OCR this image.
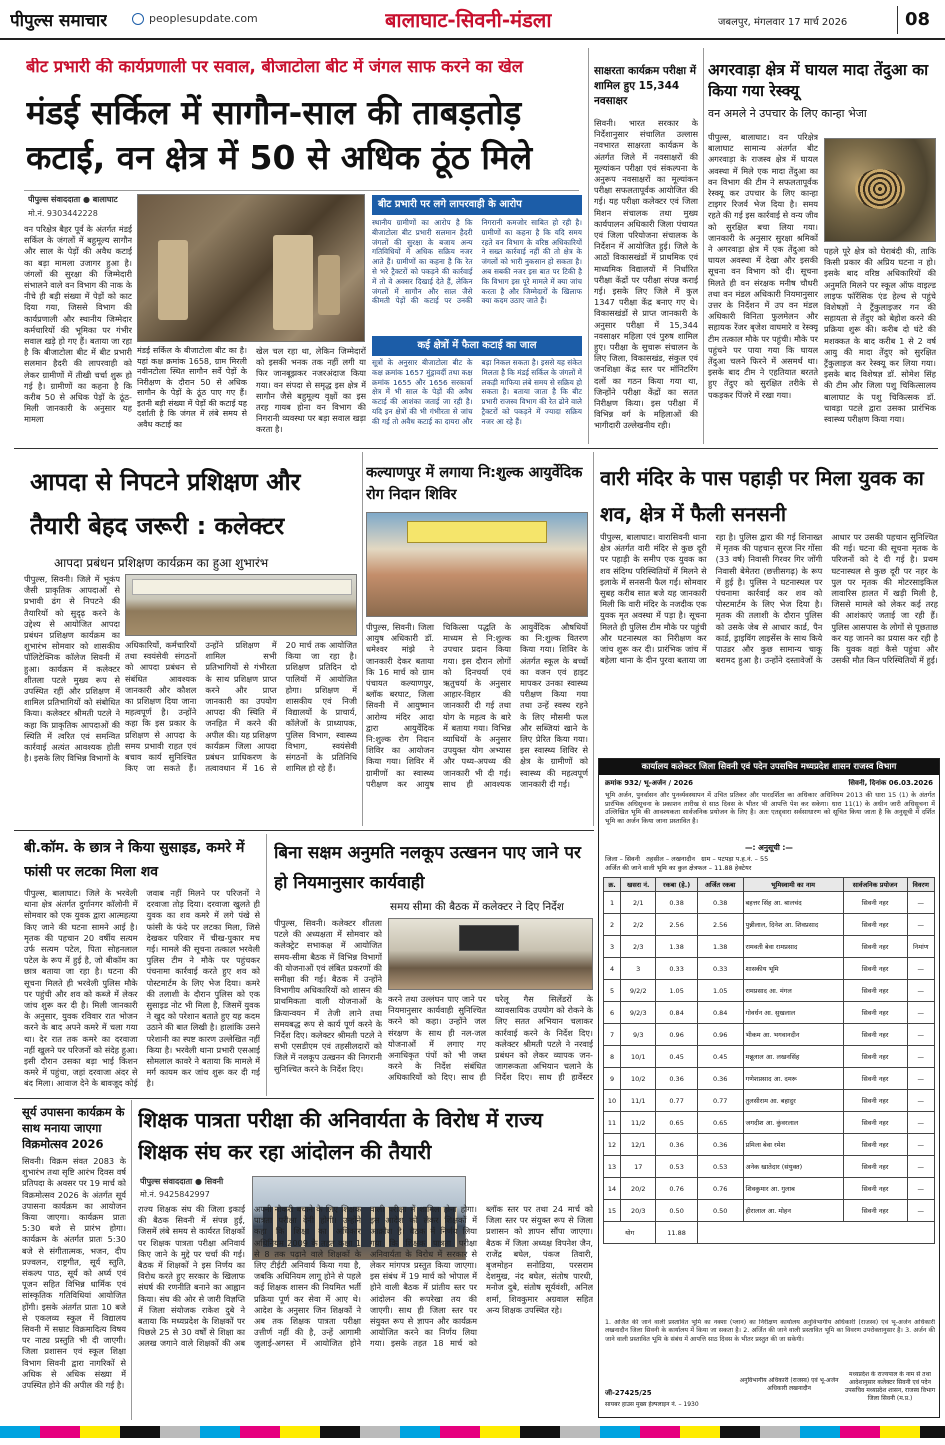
पीपुल्स समाचार	peoplesupdate.com	बालाघाट-सिवनी-मंडला	जबलपुर, मंगलवार 17 मार्च 2026	08
बीट प्रभारी की कार्यप्रणाली पर सवाल, बीजाटोला बीट में जंगल साफ करने का खेल
मंडई सर्किल में सागौन-साल की ताबड़तोड़ कटाई, वन क्षेत्र में 50 से अधिक ठूंठ मिले
पीपुल्स संवाददाता ● बालाघाट
मो.नं. 9303442228
वन परिक्षेत्र बैहर पूर्व के अंतर्गत मंडई सर्किल के जंगलों में बहुमूल्य सागौन और साल के पेड़ों की अवैध कटाई का बड़ा मामला उजागर हुआ है। जंगलों की सुरक्षा की जिम्मेदारी संभालने वाले वन विभाग की नाक के नीचे ही बड़ी संख्या में पेड़ों को काट दिया गया, जिससे विभाग की कार्यप्रणाली और स्थानीय जिम्मेदार कर्मचारियों की भूमिका पर गंभीर सवाल खड़े हो गए हैं। बताया जा रहा है कि बीजाटोला बीट में बीट प्रभारी सलमान हैदरी की लापरवाही को लेकर ग्रामीणों में तीखी चर्चा शुरू हो गई है। ग्रामीणों का कहना है कि करीब 50 से अधिक पेड़ों के ठूंठ- मिली जानकारी के अनुसार यह मामला
मंडई सर्किल के बीजाटोला बीट का है। यहां कक्ष क्रमांक 1658, ग्राम मिरली नवीनटोला स्थित सागौन सर्वे पेड़ों के निरीक्षण के दौरान 50 से अधिक सागौन के पेड़ों के ठूंठ पाए गए हैं। इतनी बड़ी संख्या में पेड़ों की कटाई यह दर्शाती है कि जंगल में लंबे समय से अवैध कटाई का
खेल चल रहा था, लेकिन जिम्मेदारों को इसकी भनक तक नहीं लगी या फिर जानबूझकर नजरअंदाज किया गया। वन संपदा से समृद्ध इस क्षेत्र में सागौन जैसे बहुमूल्य वृक्षों का इस तरह गायब होना वन विभाग की निगरानी व्यवस्था पर बड़ा सवाल खड़ा करता है।
बीट प्रभारी पर लगे लापरवाही के आरोप
स्थानीय ग्रामीणों का आरोप है कि बीजाटोला बीट प्रभारी सलमान हैदरी जंगलों की सुरक्षा के बजाय अन्य गतिविधियों में अधिक सक्रिय नजर आते हैं। ग्रामीणों का कहना है कि रेत से भरे ट्रैक्टरों को पकड़ने की कार्रवाई में तो वे अक्सर दिखाई देते हैं, लेकिन जंगलों में सागौन और साल जैसे कीमती पेड़ों की कटाई पर उनकी निगरानी कमजोर साबित हो रही है। ग्रामीणों का कहना है कि यदि समय रहते वन विभाग के वरिष्ठ अधिकारियों ने सख्त कार्रवाई नहीं की तो क्षेत्र के जंगलों को भारी नुकसान हो सकता है। अब सबकी नजर इस बात पर टिकी है कि विभाग इस पूरे मामले में क्या जांच करता है और जिम्मेदारों के खिलाफ क्या कदम उठाए जाते हैं।
कई क्षेत्रों में फैला कटाई का जाल
सूत्रों के अनुसार बीजाटोला बीट के कक्ष क्रमांक 1657 मुंड्रावर्दी तथा कक्ष क्रमांक 1655 और 1656 सरकार्वा क्षेत्र में भी साल के पेड़ों की अवैध कटाई की आशंका जताई जा रही है। यदि इन क्षेत्रों की भी गंभीरता से जांच की गई तो अवैध कटाई का दायरा और बड़ा निकल सकता है। इससे यह संकेत मिलता है कि मंडई सर्किल के जंगलों में लकड़ी माफिया लंबे समय से सक्रिय हो सकता है। बताया जाता है कि बीट प्रभारी राजस्व विभाग की रेत ढोने वाले ट्रैक्टरों को पकड़ने में ज्यादा सक्रिय नजर आ रहे हैं।
साक्षरता कार्यक्रम परीक्षा में शामिल हुए 15,344 नवसाक्षर
सिवनी। भारत सरकार के निर्देशानुसार संचालित उल्लास नवभारत साक्षरता कार्यक्रम के अंतर्गत जिले में नवसाक्षरों की मूल्यांकन परीक्षा एवं संकल्पना के अनुरूप नवसाक्षरों का मूल्यांकन परीक्षा सफलतापूर्वक आयोजित की गई। यह परीक्षा कलेक्टर एवं जिला मिशन संचालक तथा मुख्य कार्यपालन अधिकारी जिला पंचायत एवं जिला परियोजना संचालक के निर्देशन में आयोजित हुई। जिले के आठों विकासखंडों में प्राथमिक एवं माध्यमिक विद्यालयों में निर्धारित परीक्षा केंद्रों पर परीक्षा संपन्न कराई गई। इसके लिए जिले में कुल 1347 परीक्षा केंद्र बनाए गए थे। विकासखंडों से प्राप्त जानकारी के अनुसार परीक्षा में 15,344 नवसाक्षर महिला एवं पुरुष शामिल हुए। परीक्षा के सुचारू संचालन के लिए जिला, विकासखंड, संकुल एवं जनशिक्षा केंद्र स्तर पर मॉनिटरिंग दलों का गठन किया गया था, जिन्होंने परीक्षा केंद्रों का सतत निरीक्षण किया। इस परीक्षा में विभिन्न वर्ग के महिलाओं की भागीदारी उल्लेखनीय रही।
अगरवाड़ा क्षेत्र में घायल मादा तेंदुआ का किया गया रेस्क्यू
वन अमले ने उपचार के लिए कान्हा भेजा
पीपुल्स, बालाघाट। वन परिक्षेत्र बालाघाट सामान्य अंतर्गत बीट अगरवाड़ा के राजस्व क्षेत्र में घायल अवस्था में मिले एक मादा तेंदुआ का वन विभाग की टीम ने सफलतापूर्वक रेस्क्यू कर उपचार के लिए कान्हा टाइगर रिजर्व भेज दिया है। समय रहते की गई इस कार्रवाई से वन्य जीव को सुरक्षित बचा लिया गया। जानकारी के अनुसार सुरक्षा श्रमिकों ने अगरवाड़ा क्षेत्र में एक तेंदुआ को घायल अवस्था में देखा और इसकी सूचना वन विभाग को दी। सूचना मिलते ही वन संरक्षक मनीष चौधरी तथा वन मंडल अधिकारी नियमानुसार उत्तर के निर्देशन में उप वन मंडल अधिकारी विनिता फुलमेलन और सहायक रेंजर बृजेश वाघमारे व रेस्क्यू टीम तत्काल मौके पर पहुंची। मौके पर पहुंचने पर पाया गया कि घायल तेंदुआ चलने फिरने में असमर्थ था। इसके बाद टीम ने एहतियात बरतते हुए तेंदुए को सुरक्षित तरीके से पकड़कर पिंजरे में रखा गया।
पहले पूरे क्षेत्र को घेराबंदी की, ताकि किसी प्रकार की अप्रिय घटना न हो। इसके बाद वरिष्ठ अधिकारियों की अनुमति मिलने पर स्कूल ऑफ वाइल्ड लाइफ फॉरेंसिक एंड हेल्थ से पहुंचे विशेषज्ञों ने ट्रैंकुलाइजर गन की सहायता से तेंदुए को बेहोश करने की प्रक्रिया शुरू की। करीब दो घंटे की मशक्कत के बाद करीब 1 से 2 वर्ष आयु की मादा तेंदुए को सुरक्षित ट्रैंकुलाइज कर रेस्क्यू कर लिया गया। इसके बाद विशेषज्ञ डॉ. सोमेश सिंह की टीम और जिला पशु चिकित्सालय बालाघाट के पशु चिकित्सक डॉ. चावड़ा पटले द्वारा उसका प्रारंभिक स्वास्थ्य परीक्षण किया गया।
आपदा से निपटने प्रशिक्षण और तैयारी बेहद जरूरी : कलेक्टर
आपदा प्रबंधन प्रशिक्षण कार्यक्रम का हुआ शुभारंभ
पीपुल्स, सिवनी। जिले में भूकंप जैसी प्राकृतिक आपदाओं से प्रभावी ढंग से निपटने की तैयारियों को सुदृढ़ करने के उद्देश्य से आयोजित आपदा प्रबंधन प्रशिक्षण कार्यक्रम का शुभारंभ सोमवार को शासकीय पॉलिटेक्निक कॉलेज सिवनी में हुआ। कार्यक्रम में कलेक्टर शीतला पटले मुख्य रूप से उपस्थित रहीं और प्रशिक्षण में शामिल प्रतिभागियों को संबोधित किया। कलेक्टर श्रीमती पटले ने कहा कि प्राकृतिक आपदाओं की स्थिति में त्वरित एवं समन्वित कार्रवाई अत्यंत आवश्यक होती है। इसके लिए विभिन्न विभागों के
अधिकारियों, कर्मचारियों तथा स्वयंसेवी संगठनों को आपदा प्रबंधन से संबंधित आवश्यक जानकारी और कौशल का प्रशिक्षण दिया जाना महत्वपूर्ण है। उन्होंने कहा कि इस प्रकार के प्रशिक्षण से आपदा के समय प्रभावी राहत एवं बचाव कार्य सुनिश्चित किए जा सकते हैं। उन्होंने प्रशिक्षण में शामिल सभी प्रतिभागियों से गंभीरता के साथ प्रशिक्षण प्राप्त करने और प्राप्त जानकारी का उपयोग आपदा की स्थिति में जनहित में करने की अपील की। यह प्रशिक्षण कार्यक्रम जिला आपदा प्रबंधन प्राधिकरण के तत्वावधान में 16 से 20 मार्च तक आयोजित किया जा रहा है। प्रशिक्षण प्रतिदिन दो पालियों में आयोजित होगा। प्रशिक्षण में शासकीय एवं निजी विद्यालयों के प्राचार्य, कॉलेजों के प्राध्यापक, पुलिस विभाग, स्वास्थ्य विभाग, स्वयंसेवी संगठनों के प्रतिनिधि शामिल हो रहे हैं।
कल्याणपुर में लगाया नि:शुल्क आयुर्वेदिक रोग निदान शिविर
पीपुल्स, सिवनी। जिला आयुष अधिकारी डॉ. धमेश्वर मांझे ने जानकारी देकर बताया कि 16 मार्च को ग्राम पंचायत कल्याणपुर, ब्लॉक बरघाट, जिला सिवनी में आयुष्मान आरोग्य मंदिर आदा द्वारा आयुर्वेदिक नि:शुल्क रोग निदान शिविर का आयोजन किया गया। शिविर में ग्रामीणों का स्वास्थ्य परीक्षण कर आयुष चिकित्सा पद्धति के माध्यम से नि:शुल्क उपचार प्रदान किया गया। इस दौरान लोगों को दिनचर्या एवं ऋतुचर्या के अनुसार आहार-विहार की जानकारी दी गई तथा योग के महत्व के बारे में बताया गया। विभिन्न व्याधियों के अनुसार उपयुक्त योग अभ्यास और पथ्य-अपथ्य की जानकारी भी दी गई। साथ ही आवश्यक आयुर्वेदिक औषधियों का नि:शुल्क वितरण किया गया। शिविर के अंतर्गत स्कूल के बच्चों का वजन एवं हाइट मापकर उनका स्वास्थ्य परीक्षण किया गया तथा उन्हें स्वस्थ रहने के लिए मौसमी फल और सब्जियां खाने के लिए प्रेरित किया गया। इस स्वास्थ्य शिविर से क्षेत्र के ग्रामीणों को स्वास्थ्य की महत्वपूर्ण जानकारी दी गई।
वारी मंदिर के पास पहाड़ी पर मिला युवक का शव, क्षेत्र में फैली सनसनी
पीपुल्स, बालाघाट। वारासिवनी थाना क्षेत्र अंतर्गत वारी मंदिर से कुछ दूरी पर पहाड़ी के समीप एक युवक का शव संदिग्ध परिस्थितियों में मिलने से इलाके में सनसनी फैल गई। सोमवार सुबह करीब सात बजे यह जानकारी मिली कि वारी मंदिर के नजदीक एक युवक मृत अवस्था में पड़ा है। सूचना मिलते ही पुलिस टीम मौके पर पहुंची और घटनास्थल का निरीक्षण कर जांच शुरू कर दी। प्रारंभिक जांच में बहेला थाना के दीन पुरवा बताया जा रहा है। पुलिस द्वारा की गई शिनाख्त में मृतक की पहचान सुरज निर गोंसा (33 वर्ष) निवासी गिरवर गिर जोंगी निवासी बेमेतरा (छत्तीसगढ़) के रूप में हुई है। पुलिस ने घटनास्थल पर पंचनामा कार्रवाई कर शव को पोस्टमार्टम के लिए भेज दिया है। मृतक की तलाशी के दौरान पुलिस को उसके जेब से आधार कार्ड, पैन कार्ड, ड्राइविंग लाइसेंस के साथ किये पाउडर और कुछ सामान्य चाकू बरामद हुआ है। उन्होंने दस्तावेजों के आधार पर उसकी पहचान सुनिश्चित की गई। घटना की सूचना मृतक के परिजनों को दे दी गई है। प्रथम घटनास्थल से कुछ दूरी पर नहर के पुल पर मृतक की मोटरसाइकिल लावारिस हालत में खड़ी मिली है, जिससे मामले को लेकर कई तरह की आशंकाएं जताई जा रही हैं। पुलिस आसपास के लोगों से पूछताछ कर यह जानने का प्रयास कर रही है कि युवक वहां कैसे पहुंचा और उसकी मौत किन परिस्थितियों में हुई।
कार्यालय कलेक्टर जिला सिवनी एवं पदेन उपसचिव मध्यप्रदेश शासन राजस्व विभाग
क्रमांक 932/ भू-अर्जन / 2026	सिवनी, दिनांक 06.03.2026
भूमि अर्जन, पुनर्वासन और पुनर्व्यवस्थापन में उचित प्रतिकर और पारदर्शिता का अधिकार अधिनियम 2013 की धारा 15 (1) के अंतर्गत प्रारंभिक अधिसूचना के प्रकाशन तारीख से साठ दिवस के भीतर भी आपत्ति पेश कर सकेगा। धारा 11(1) के अधीन जारी अधिसूचना में उल्लिखित भूमि की आवश्यकता सार्वजनिक प्रयोजन के लिए है। अतः एतद्द्वारा सर्वसाधारण को सूचित किया जाता है कि अनुसूची में दर्शित भूमि का अर्जन किया जाना प्रस्तावित है।
—: अनुसूची :—
जिला – सिवनी तहसील – लखनादौन ग्राम – पटपड़ा प.ह.नं. – 55
अर्जित की जाने वाली भूमि का कुल क्षेत्रफल – 11.88 हेक्टेयर
क्र.	खसरा नं.	रकबा (हे.)	अर्जित रकबा	भूमिस्वामी का नाम	सार्वजनिक प्रयोजन	विवरण
1	2/1	0.38	0.38	बहत्तर सिंह आ. बालचंद	सिवनी नहर	—
2	2/2	2.56	2.56	पुन्नीलाल, दिनेश आ. शिवप्रसाद	सिवनी नहर	—
3	2/3	1.38	1.38	रामवती बेवा रामप्रसाद	सिवनी नहर	निमांण
4	3	0.33	0.33	शासकीय भूमि	सिवनी नहर	—
5	9/2/2	1.05	1.05	रामप्रसाद आ. मंगल	सिवनी नहर	—
6	9/2/3	0.84	0.84	गोवर्धन आ. सुखलाल	सिवनी नहर	—
7	9/3	0.96	0.96	भीकम आ. भगवानदीन	सिवनी नहर	—
8	10/1	0.45	0.45	मन्नूलाल आ. लखनसिंह	सिवनी नहर	—
9	10/2	0.36	0.36	गणेशप्रसाद आ. दमरू	सिवनी नहर	—
10	11/1	0.77	0.77	तुलसीराम आ. बहादुर	सिवनी नहर	—
11	11/2	0.65	0.65	जगदीश आ. कुंवरलाल	सिवनी नहर	—
12	12/1	0.36	0.36	प्रमिला बेवा रमेश	सिवनी नहर	—
13	17	0.53	0.53	अनेक खातेदार (संयुक्त)	सिवनी नहर	—
14	20/2	0.76	0.76	शिवकुमार आ. गुलाब	सिवनी नहर	—
15	20/3	0.50	0.50	हीरालाल आ. मोहन	सिवनी नहर	—
योग		11.88				
1. अर्जित की जाने वाली प्रस्तावित भूमि का नक्शा (प्लान) का निरीक्षण कार्यालय अनुविभागीय अधिकारी (राजस्व) एवं भू-अर्जन अधिकारी लखनादौन जिला सिवनी के कार्यालय में किया जा सकता है। 2. अर्जित की जाने वाली प्रस्तावित भूमि का विवरण उपरोक्तानुसार है। 3. अर्जन की जाने वाली प्रस्तावित भूमि के संबंध में आपत्ति साठ दिवस के भीतर प्रस्तुत की जा सकेगी।
अनुविभागीय अधिकारी (राजस्व) एवं भू-अर्जन अधिकारी लखनादौन
मध्यप्रदेश के राज्यपाल के नाम से तथा आदेशानुसार कलेक्टर सिवनी एवं पदेन उपसचिव मध्यप्रदेश शासन, राजस्व विभाग जिला सिवनी (म.प्र.)
जी-27425/25
सायबर हाउस मुख्य हेल्पलाइन नं. – 1930
बी.कॉम. के छात्र ने किया सुसाइड, कमरे में फांसी पर लटका मिला शव
पीपुल्स, बालाघाट। जिले के भरवेली थाना क्षेत्र अंतर्गत दुर्गानगर कॉलोनी में सोमवार को एक युवक द्वारा आत्महत्या किए जाने की घटना सामने आई है। मृतक की पहचान 20 वर्षीय सत्यम उर्फ सत्यम पटेल, पिता सोहनलाल पटेल के रूप में हुई है, जो बीकॉम का छात्र बताया जा रहा है। घटना की सूचना मिलते ही भरवेली पुलिस मौके पर पहुंची और शव को कब्जे में लेकर जांच शुरू कर दी है। मिली जानकारी के अनुसार, युवक रविवार रात भोजन करने के बाद अपने कमरे में चला गया था। देर रात तक कमरे का दरवाजा नहीं खुलने पर परिजनों को संदेह हुआ। इसी दौरान उसका बड़ा भाई किशन कमरे में पहुंचा, जहां दरवाजा अंदर से बंद मिला। आवाज देने के बावजूद कोई जवाब नहीं मिलने पर परिजनों ने दरवाजा तोड़ दिया। दरवाजा खुलते ही युवक का शव कमरे में लगे पंखे से फांसी के फंदे पर लटका मिला, जिसे देखकर परिवार में चीख-पुकार मच गई। मामले की सूचना तत्काल भरवेली पुलिस टीम ने मौके पर पहुंचकर पंचनामा कार्रवाई करते हुए शव को पोस्टमार्टम के लिए भेज दिया। कमरे की तलाशी के दौरान पुलिस को एक सुसाइड नोट भी मिला है, जिसमें युवक ने खुद को परेशान बताते हुए यह कदम उठाने की बात लिखी है। हालांकि उसने परेशानी का स्पष्ट कारण उल्लेखित नहीं किया है। भरवेली थाना प्रभारी एसआई सोमलाल कावरे ने बताया कि मामले में मर्ग कायम कर जांच शुरू कर दी गई है।
बिना सक्षम अनुमति नलकूप उत्खनन पाए जाने पर हो नियमानुसार कार्यवाही
समय सीमा की बैठक में कलेक्टर ने दिए निर्देश
पीपुल्स, सिवनी। कलेक्टर शीतला पटले की अध्यक्षता में सोमवार को कलेक्ट्रेट सभाकक्ष में आयोजित समय-सीमा बैठक में विभिन्न विभागों की योजनाओं एवं लंबित प्रकरणों की समीक्षा की गई। बैठक में उन्होंने विभागीय अधिकारियों को शासन की प्राथमिकता वाली योजनाओं के क्रियान्वयन में तेजी लाने तथा समयबद्ध रूप से कार्य पूर्ण करने के निर्देश दिए। कलेक्टर श्रीमती पटले ने सभी एसडीएम एवं तहसीलदारों को जिले में नलकूप उत्खनन की निगरानी सुनिश्चित करने के निर्देश दिए।
करने तथा उल्लंघन पाए जाने पर नियमानुसार कार्यवाही सुनिश्चित करने को कहा। उन्होंने जल संरक्षण के साथ ही नल-जल योजनाओं में लगाए गए अनाधिकृत पंपों को भी जब्त करने के निर्देश संबंधित अधिकारियों को दिए। साथ ही घरेलू गैस सिलेंडरों के व्यावसायिक उपयोग को रोकने के लिए सतत अभियान चलाकर कार्रवाई करने के निर्देश दिए। कलेक्टर श्रीमती पटले ने नरवाई प्रबंधन को लेकर व्यापक जन-जागरूकता अभियान चलाने के निर्देश दिए। साथ ही हार्वेस्टर
सूर्य उपासना कार्यक्रम के साथ मनाया जाएगा विक्रमोत्सव 2026
सिवनी। विक्रम संवत 2083 के शुभारंभ तथा सृष्टि आरंभ दिवस वर्ष प्रतिपदा के अवसर पर 19 मार्च को विक्रमोत्सव 2026 के अंतर्गत सूर्य उपासना कार्यक्रम का आयोजन किया जाएगा। कार्यक्रम प्रातः 5:30 बजे से प्रारंभ होगा। कार्यक्रम के अंतर्गत प्रातः 5:30 बजे से संगीतात्मक, भजन, दीप प्रज्वलन, राष्ट्रगीत, सूर्य स्तुति, संकल्प पाठ, सूर्य को अर्घ्य एवं पूजन सहित विभिन्न धार्मिक एवं सांस्कृतिक गतिविधियां आयोजित होंगी। इसके अंतर्गत प्रातः 10 बजे से एकलव्य स्कूल में विद्यालय सिवनी में सम्राट विक्रमादित्य विषय पर नाट्य प्रस्तुति भी दी जाएगी। जिला प्रशासन एवं स्कूल शिक्षा विभाग सिवनी द्वारा नागरिकों से अधिक से अधिक संख्या में उपस्थित होने की अपील की गई है।
शिक्षक पात्रता परीक्षा की अनिवार्यता के विरोध में राज्य शिक्षक संघ कर रहा आंदोलन की तैयारी
पीपुल्स संवाददाता ● सिवनी
मो.नं. 9425842997
राज्य शिक्षक संघ की जिला इकाई की बैठक सिवनी में संपन्न हुई, जिसमें लंबे समय से कार्यरत शिक्षकों पर शिक्षक पात्रता परीक्षा अनिवार्य किए जाने के मुद्दे पर चर्चा की गई। बैठक में शिक्षकों ने इस निर्णय का विरोध करते हुए सरकार के खिलाफ संघर्ष की रणनीति बनाने का आह्वान किया। संघ की ओर से जारी विज्ञप्ति में जिला संयोजक राकेश दुबे ने बताया कि मध्यप्रदेश के शिक्षकों पर पिछले 25 से 30 वर्षों से शिक्षा का अलख जगाने वाले शिक्षकों की अब अपनी नौकरी बचाने के लिए शिक्षक पात्रता परीक्षा देनी होगी। उन्होंने कहा कि शिक्षा का अधिकार अधिनियम 2009 के तहत कक्षा 1 से 8 तक पढ़ाने वाले शिक्षकों के लिए टीईटी अनिवार्य किया गया है, जबकि अधिनियम लागू होने से पहले कई शिक्षक शासन की नियमित भर्ती प्रक्रिया पूर्ण कर सेवा में आए थे। आदेश के अनुसार जिन शिक्षकों ने अब तक शिक्षक पात्रता परीक्षा उत्तीर्ण नहीं की है, उन्हें आगामी जुलाई-अगस्त में आयोजित होने वाली परीक्षा में शामिल होना होगा। इस आदेश को लेकर शिक्षकों में आक्रोश है। बैठक में निर्णय लिया गया कि शिक्षक पात्रता परीक्षा अनिवार्यता के विरोध में सरकार से लेकर मांगपत्र प्रस्तुत किया जाएगा। इस संबंध में 19 मार्च को भोपाल में होने वाली बैठक में प्रांतीय स्तर पर आंदोलन की रूपरेखा तय की जाएगी। साथ ही जिला स्तर पर संयुक्त रूप से ज्ञापन और कार्यक्रम आयोजित करने का निर्णय लिया गया। इसके तहत 18 मार्च को ब्लॉक स्तर पर तथा 24 मार्च को जिला स्तर पर संयुक्त रूप से जिला प्रशासन को ज्ञापन सौंपा जाएगा। बैठक में जिला अध्यक्ष विपनेश जैन, राजेंद्र बघेल, पंकज तिवारी, बृजमोहन सनोडिया, परसराम देशमुख, नंद बघेल, संतोष पारधी, मनोज दुबे, संतोष सूर्यवंशी, अनिल शर्मा, शिवकुमार अग्रवाल सहित अन्य शिक्षक उपस्थित रहे।
